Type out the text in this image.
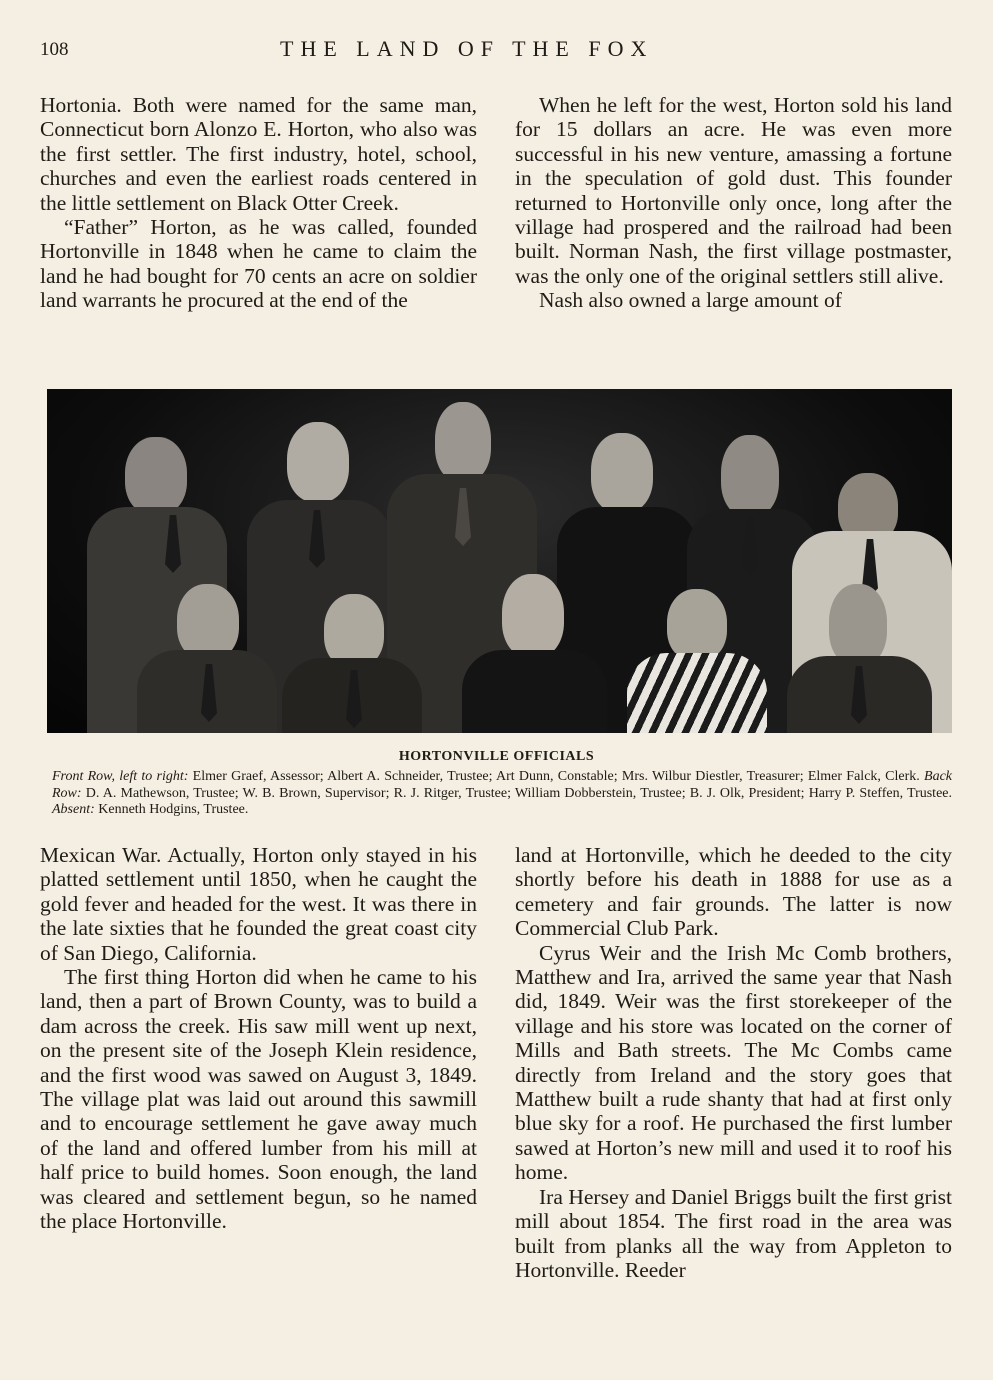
108	THE LAND OF THE FOX

Hortonia. Both were named for the same man, Connecticut born Alonzo E. Horton, who also was the first settler. The first industry, hotel, school, churches and even the earliest roads centered in the little settlement on Black Otter Creek.

“Father” Horton, as he was called, founded Hortonville in 1848 when he came to claim the land he had bought for 70 cents an acre on soldier land warrants he procured at the end of the

When he left for the west, Horton sold his land for 15 dollars an acre. He was even more successful in his new venture, amassing a fortune in the speculation of gold dust. This founder returned to Hortonville only once, long after the village had prospered and the railroad had been built. Norman Nash, the first village postmaster, was the only one of the original settlers still alive.

Nash also owned a large amount of

HORTONVILLE OFFICIALS
Front Row, left to right: Elmer Graef, Assessor; Albert A. Schneider, Trustee; Art Dunn, Constable; Mrs. Wilbur Diestler, Treasurer; Elmer Falck, Clerk. Back Row: D. A. Mathewson, Trustee; W. B. Brown, Supervisor; R. J. Ritger, Trustee; William Dobberstein, Trustee; B. J. Olk, President; Harry P. Steffen, Trustee. Absent: Kenneth Hodgins, Trustee.

Mexican War. Actually, Horton only stayed in his platted settlement until 1850, when he caught the gold fever and headed for the west. It was there in the late sixties that he founded the great coast city of San Diego, California.

The first thing Horton did when he came to his land, then a part of Brown County, was to build a dam across the creek. His saw mill went up next, on the present site of the Joseph Klein residence, and the first wood was sawed on August 3, 1849. The village plat was laid out around this sawmill and to encourage settlement he gave away much of the land and offered lumber from his mill at half price to build homes. Soon enough, the land was cleared and settlement begun, so he named the place Hortonville.

land at Hortonville, which he deeded to the city shortly before his death in 1888 for use as a cemetery and fair grounds. The latter is now Commercial Club Park.

Cyrus Weir and the Irish Mc Comb brothers, Matthew and Ira, arrived the same year that Nash did, 1849. Weir was the first storekeeper of the village and his store was located on the corner of Mills and Bath streets. The Mc Combs came directly from Ireland and the story goes that Matthew built a rude shanty that had at first only blue sky for a roof. He purchased the first lumber sawed at Horton’s new mill and used it to roof his home.

Ira Hersey and Daniel Briggs built the first grist mill about 1854. The first road in the area was built from planks all the way from Appleton to Hortonville. Reeder
